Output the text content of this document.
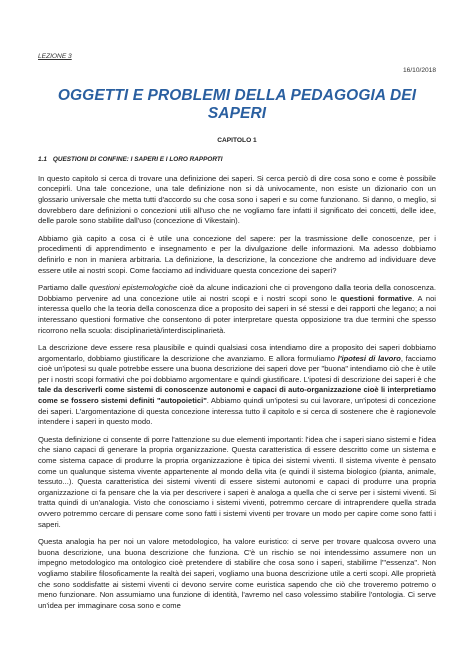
LEZIONE 3

16/10/2018
OGGETTI E PROBLEMI DELLA PEDAGOGIA DEI SAPERI
CAPITOLO 1
1.1 QUESTIONI DI CONFINE: I SAPERI E I LORO RAPPORTI

In questo capitolo si cerca di trovare una definizione dei saperi. Si cerca perciò di dire cosa sono e come è possibile concepirli. Una tale concezione, una tale definizione non si dà univocamente, non esiste un dizionario con un glossario universale che metta tutti d'accordo su che cosa sono i saperi e su come funzionano. Si danno, o meglio, si dovrebbero dare definizioni o concezioni utili all'uso che ne vogliamo fare infatti il significato dei concetti, delle idee, delle parole sono stabilite dall'uso (concezione di Vikestain).

Abbiamo già capito a cosa ci è utile una concezione del sapere: per la trasmissione delle conoscenze, per i procedimenti di apprendimento e insegnamento e per la divulgazione delle informazioni. Ma adesso dobbiamo definirlo e non in maniera arbitraria. La definizione, la descrizione, la concezione che andremo ad individuare deve essere utile ai nostri scopi. Come facciamo ad individuare questa concezione dei saperi?

Partiamo dalle questioni epistemologiche cioè da alcune indicazioni che ci provengono dalla teoria della conoscenza. Dobbiamo pervenire ad una concezione utile ai nostri scopi e i nostri scopi sono le questioni formative. A noi interessa quello che la teoria della conoscenza dice a proposito dei saperi in sé stessi e dei rapporti che legano; a noi interessano questioni formative che consentono di poter interpretare questa opposizione tra due termini che spesso ricorrono nella scuola: disciplinarietà/interdisciplinarietà.

La descrizione deve essere resa plausibile e quindi qualsiasi cosa intendiamo dire a proposito dei saperi dobbiamo argomentarlo, dobbiamo giustificare la descrizione che avanziamo. E allora formuliamo l'ipotesi di lavoro, facciamo cioè un'ipotesi su quale potrebbe essere una buona descrizione dei saperi dove per "buona" intendiamo ciò che è utile per i nostri scopi formativi che poi dobbiamo argomentare e quindi giustificare. L'ipotesi di descrizione dei saperi è che tale da descriverli come sistemi di conoscenze autonomi e capaci di auto-organizzazione cioè li interpretiamo come se fossero sistemi definiti "autopoietici". Abbiamo quindi un'ipotesi su cui lavorare, un'ipotesi di concezione dei saperi. L'argomentazione di questa concezione interessa tutto il capitolo e si cerca di sostenere che è ragionevole intendere i saperi in questo modo.

Questa definizione ci consente di porre l'attenzione su due elementi importanti: l'idea che i saperi siano sistemi e l'idea che siano capaci di generare la propria organizzazione. Questa caratteristica di essere descritto come un sistema e come sistema capace di produrre la propria organizzazione è tipica dei sistemi viventi. Il sistema vivente è pensato come un qualunque sistema vivente appartenente al mondo della vita (e quindi il sistema biologico (pianta, animale, tessuto...). Questa caratteristica dei sistemi viventi di essere sistemi autonomi e capaci di produrre una propria organizzazione ci fa pensare che la via per descrivere i saperi è analoga a quella che ci serve per i sistemi viventi. Si tratta quindi di un'analogia. Visto che conosciamo i sistemi viventi, potremmo cercare di intraprendere quella strada ovvero potremmo cercare di pensare come sono fatti i sistemi viventi per trovare un modo per capire come sono fatti i saperi.

Questa analogia ha per noi un valore metodologico, ha valore euristico: ci serve per trovare qualcosa ovvero una buona descrizione, una buona descrizione che funziona. C'è un rischio se noi intendessimo assumere non un impegno metodologico ma ontologico cioè pretendere di stabilire che cosa sono i saperi, stabilirne l'"essenza". Non vogliamo stabilire filosoficamente la realtà dei saperi, vogliamo una buona descrizione utile a certi scopi. Alle proprietà che sono soddisfatte ai sistemi viventi ci devono servire come euristica sapendo che ciò che troveremo potremo o meno funzionare. Non assumiamo una funzione di identità, l'avremo nel caso volessimo stabilire l'ontologia. Ci serve un'idea per immaginare cosa sono e come
